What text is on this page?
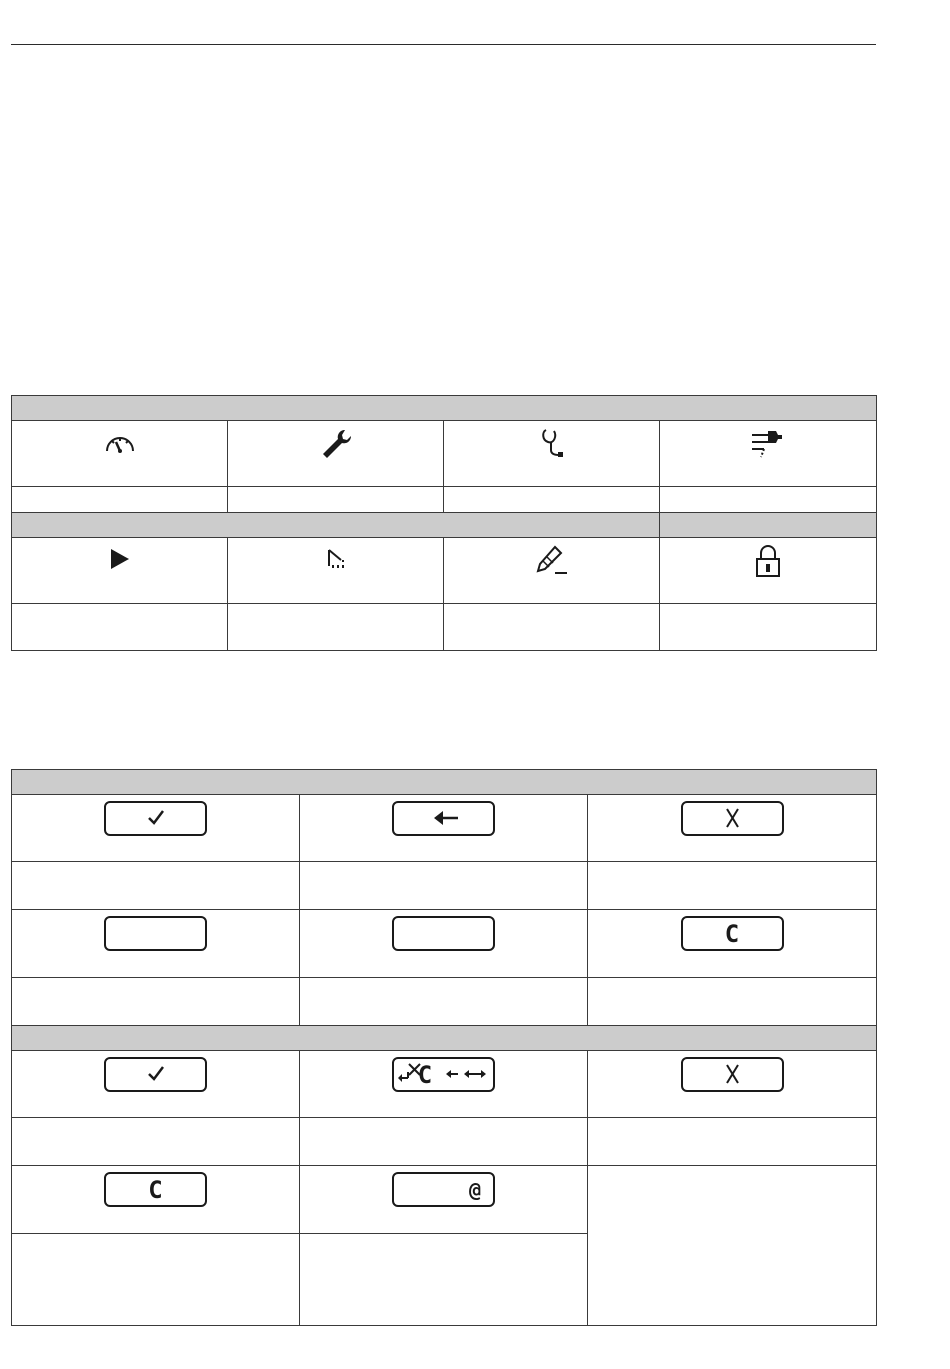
		C

C

C	@	
